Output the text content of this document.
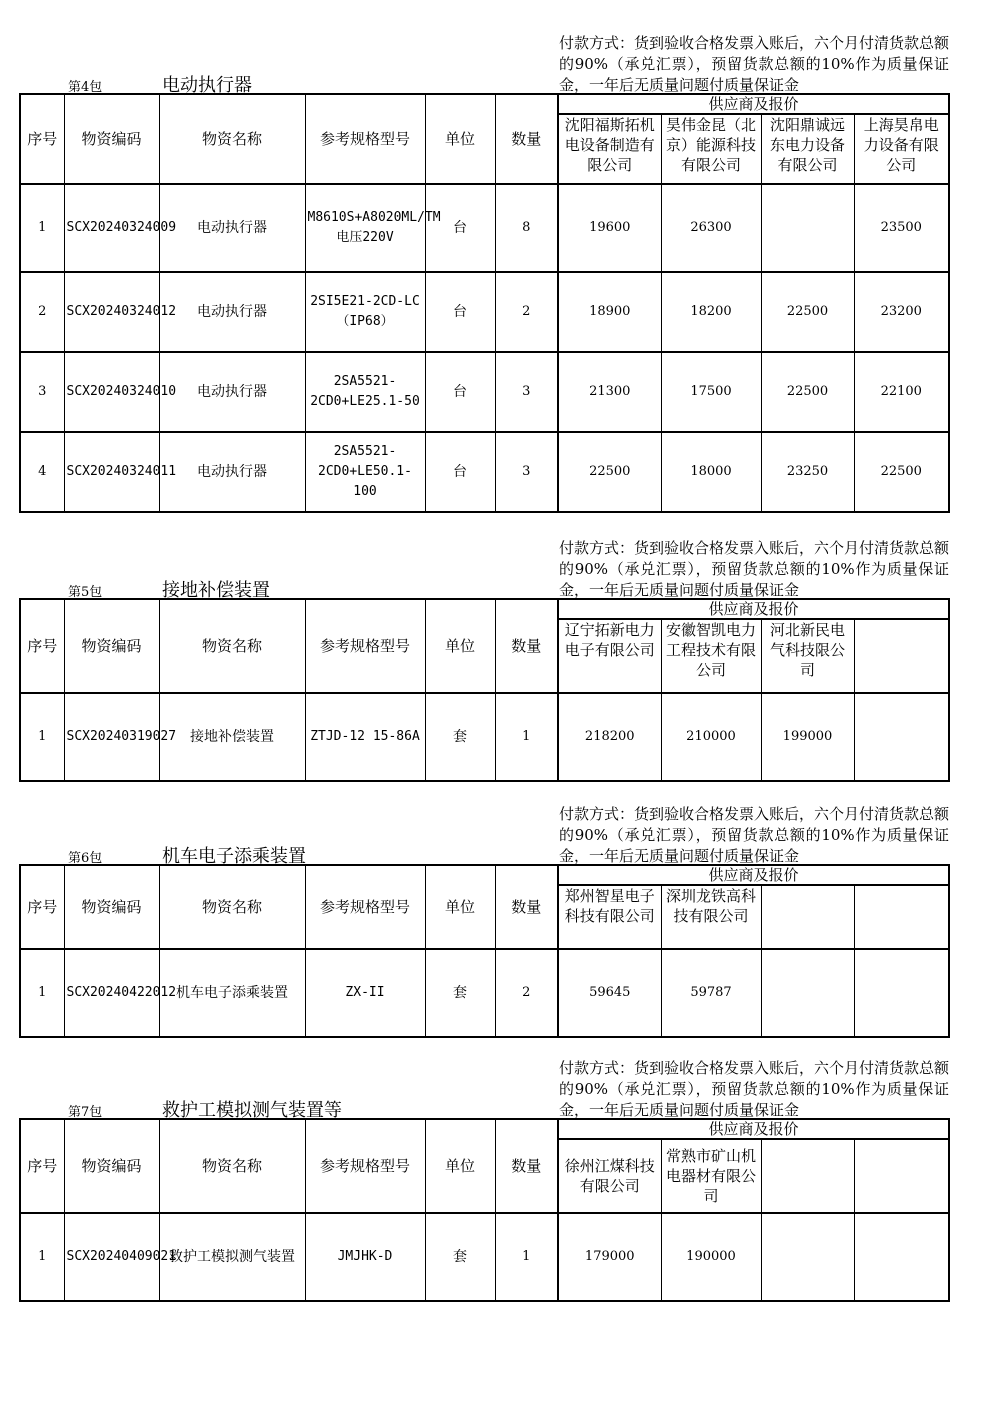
付款方式：货到验收合格发票入账后，六个月付清货款总额的90%（承兑汇票），预留货款总额的10%作为质量保证金，一年后无质量问题付质量保证金
第4包	电动执行器
序号	物资编码	物资名称	参考规格型号	单位	数量	供应商及报价			
						沈阳福斯拓机电设备制造有限公司	昊伟金昆（北京）能源科技有限公司	沈阳鼎诚远东电力设备有限公司	上海昊帛电力设备有限公司
1	SCX20240324009	电动执行器	M8610S+A8020ML/TM 电压220V	台	8	19600	26300		23500
2	SCX20240324012	电动执行器	2SI5E21-2CD-LC（IP68）	台	2	18900	18200	22500	23200
3	SCX20240324010	电动执行器	2SA5521-2CD0+LE25.1-50	台	3	21300	17500	22500	22100
4	SCX20240324011	电动执行器	2SA5521-2CD0+LE50.1-100	台	3	22500	18000	23250	22500
付款方式：货到验收合格发票入账后，六个月付清货款总额的90%（承兑汇票），预留货款总额的10%作为质量保证金，一年后无质量问题付质量保证金
第5包	接地补偿装置
序号	物资编码	物资名称	参考规格型号	单位	数量	供应商及报价			
						辽宁拓新电力电子有限公司	安徽智凯电力工程技术有限公司	河北新民电气科技限公司	
1	SCX20240319027	接地补偿装置	ZTJD-12 15-86A	套	1	218200	210000	199000	
付款方式：货到验收合格发票入账后，六个月付清货款总额的90%（承兑汇票），预留货款总额的10%作为质量保证金，一年后无质量问题付质量保证金
第6包	机车电子添乘装置
序号	物资编码	物资名称	参考规格型号	单位	数量	供应商及报价			
						郑州智星电子科技有限公司	深圳龙铁高科技有限公司		
1	SCX20240422012	机车电子添乘装置	ZX-II	套	2	59645	59787		
付款方式：货到验收合格发票入账后，六个月付清货款总额的90%（承兑汇票），预留货款总额的10%作为质量保证金，一年后无质量问题付质量保证金
第7包	救护工模拟测气装置等
序号	物资编码	物资名称	参考规格型号	单位	数量	供应商及报价			
						徐州江煤科技有限公司	常熟市矿山机电器材有限公司		
1	SCX20240409021	救护工模拟测气装置	JMJHK-D	套	1	179000	190000		
